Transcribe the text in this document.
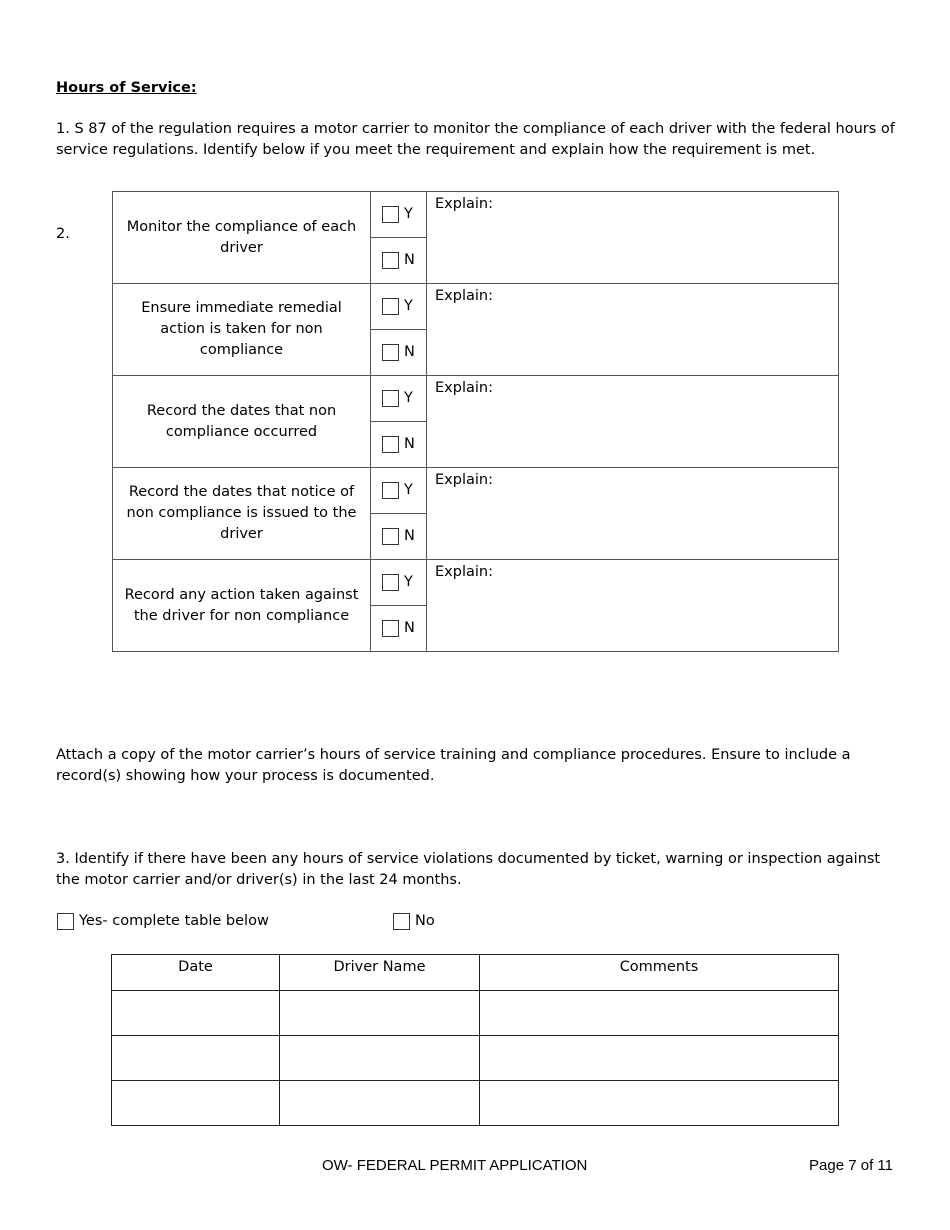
Hours of Service:
1. S 87 of the regulation requires a motor carrier to monitor the compliance of each driver with the federal hours of service regulations. Identify below if you meet the requirement and explain how the requirement is met.
2.	Monitor the compliance of each driver	Y	Explain:

	N	

Ensure immediate remedial action is taken for non compliance	Y	Explain:

	N	

Record the dates that non compliance occurred	Y	Explain:

	N	

Record the dates that notice of non compliance is issued to the driver	Y	Explain:

	N	

Record any action taken against the driver for non compliance	Y	Explain:

	N	
Attach a copy of the motor carrier’s hours of service training and compliance procedures. Ensure to include a record(s) showing how your process is documented.
3. Identify if there have been any hours of service violations documented by ticket, warning or inspection against the motor carrier and/or driver(s) in the last 24 months.
Yes- complete table below	No
Date	Driver Name	Comments

OW- FEDERAL PERMIT APPLICATION	Page 7 of 11
